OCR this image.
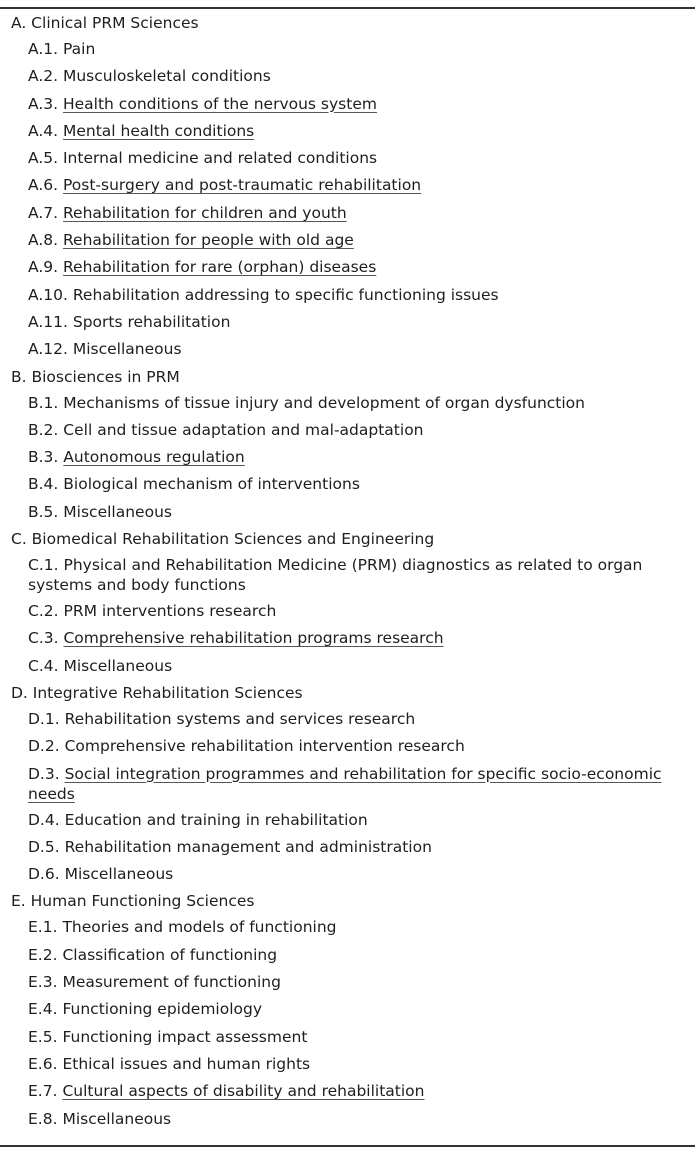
A. Clinical PRM Sciences
A.1. Pain
A.2. Musculoskeletal conditions
A.3. Health conditions of the nervous system
A.4. Mental health conditions
A.5. Internal medicine and related conditions
A.6. Post-surgery and post-traumatic rehabilitation
A.7. Rehabilitation for children and youth
A.8. Rehabilitation for people with old age
A.9. Rehabilitation for rare (orphan) diseases
A.10. Rehabilitation addressing to specific functioning issues
A.11. Sports rehabilitation
A.12. Miscellaneous
B. Biosciences in PRM
B.1. Mechanisms of tissue injury and development of organ dysfunction
B.2. Cell and tissue adaptation and mal-adaptation
B.3. Autonomous regulation
B.4. Biological mechanism of interventions
B.5. Miscellaneous
C. Biomedical Rehabilitation Sciences and Engineering
C.1. Physical and Rehabilitation Medicine (PRM) diagnostics as related to organ systems and body functions
C.2. PRM interventions research
C.3. Comprehensive rehabilitation programs research
C.4. Miscellaneous
D. Integrative Rehabilitation Sciences
D.1. Rehabilitation systems and services research
D.2. Comprehensive rehabilitation intervention research
D.3. Social integration programmes and rehabilitation for specific socio-economic needs
D.4. Education and training in rehabilitation
D.5. Rehabilitation management and administration
D.6. Miscellaneous
E. Human Functioning Sciences
E.1. Theories and models of functioning
E.2. Classification of functioning
E.3. Measurement of functioning
E.4. Functioning epidemiology
E.5. Functioning impact assessment
E.6. Ethical issues and human rights
E.7. Cultural aspects of disability and rehabilitation
E.8. Miscellaneous
